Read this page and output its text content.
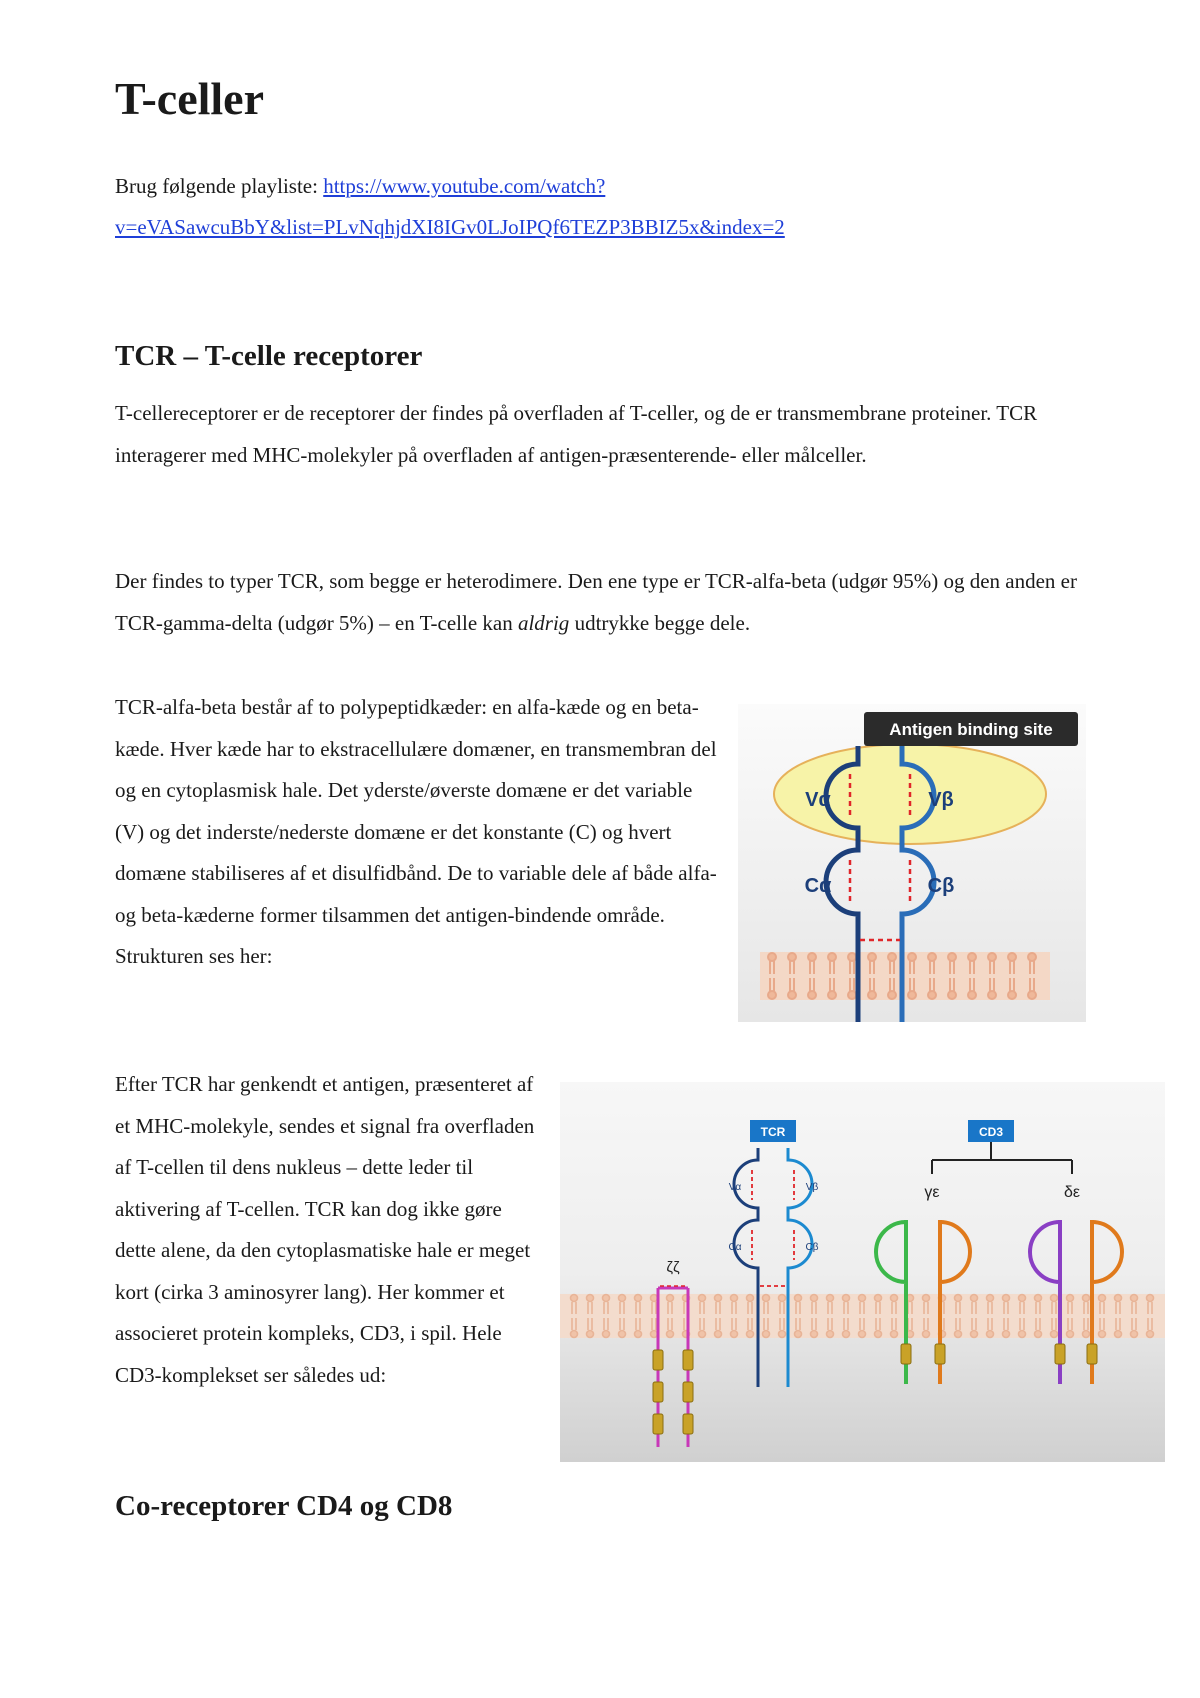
T-celler
Brug følgende playliste: https://www.youtube.com/watch?
v=eVASawcuBbY&list=PLvNqhjdXI8IGv0LJoIPQf6TEZP3BBIZ5x&index=2
TCR – T-celle receptorer

T-cellereceptorer er de receptorer der findes på overfladen af T-celler, og de er transmembrane proteiner. TCR interagerer med MHC-molekyler på overfladen af antigen-præsenterende- eller målceller.

Der findes to typer TCR, som begge er heterodimere. Den ene type er TCR-alfa-beta (udgør 95%) og den anden er TCR-gamma-delta (udgør 5%) – en T-celle kan aldrig udtrykke begge dele.

TCR-alfa-beta består af to polypeptidkæder: en alfa-kæde og en beta-kæde. Hver kæde har to ekstracellulære domæner, en transmembran del og en cytoplasmisk hale. Det yderste/øverste domæne er det variable (V) og det inderste/nederste domæne er det konstante (C) og hvert domæne stabiliseres af et disulfidbånd. De to variable dele af både alfa- og beta-kæderne former tilsammen det antigen-bindende område. Strukturen ses her:

Antigen binding site
Vα	Vβ
Cα	Cβ

Efter TCR har genkendt et antigen, præsenteret af et MHC-molekyle, sendes et signal fra overfladen af T-cellen til dens nukleus – dette leder til aktivering af T-cellen. TCR kan dog ikke gøre dette alene, da den cytoplasmatiske hale er meget kort (cirka 3 aminosyrer lang). Her kommer et associeret protein kompleks, CD3, i spil. Hele CD3-komplekset ser således ud:

TCR	CD3
γε	δε
Vα	Vβ
Cα	Cβ
ζζ
Co-receptorer CD4 og CD8
